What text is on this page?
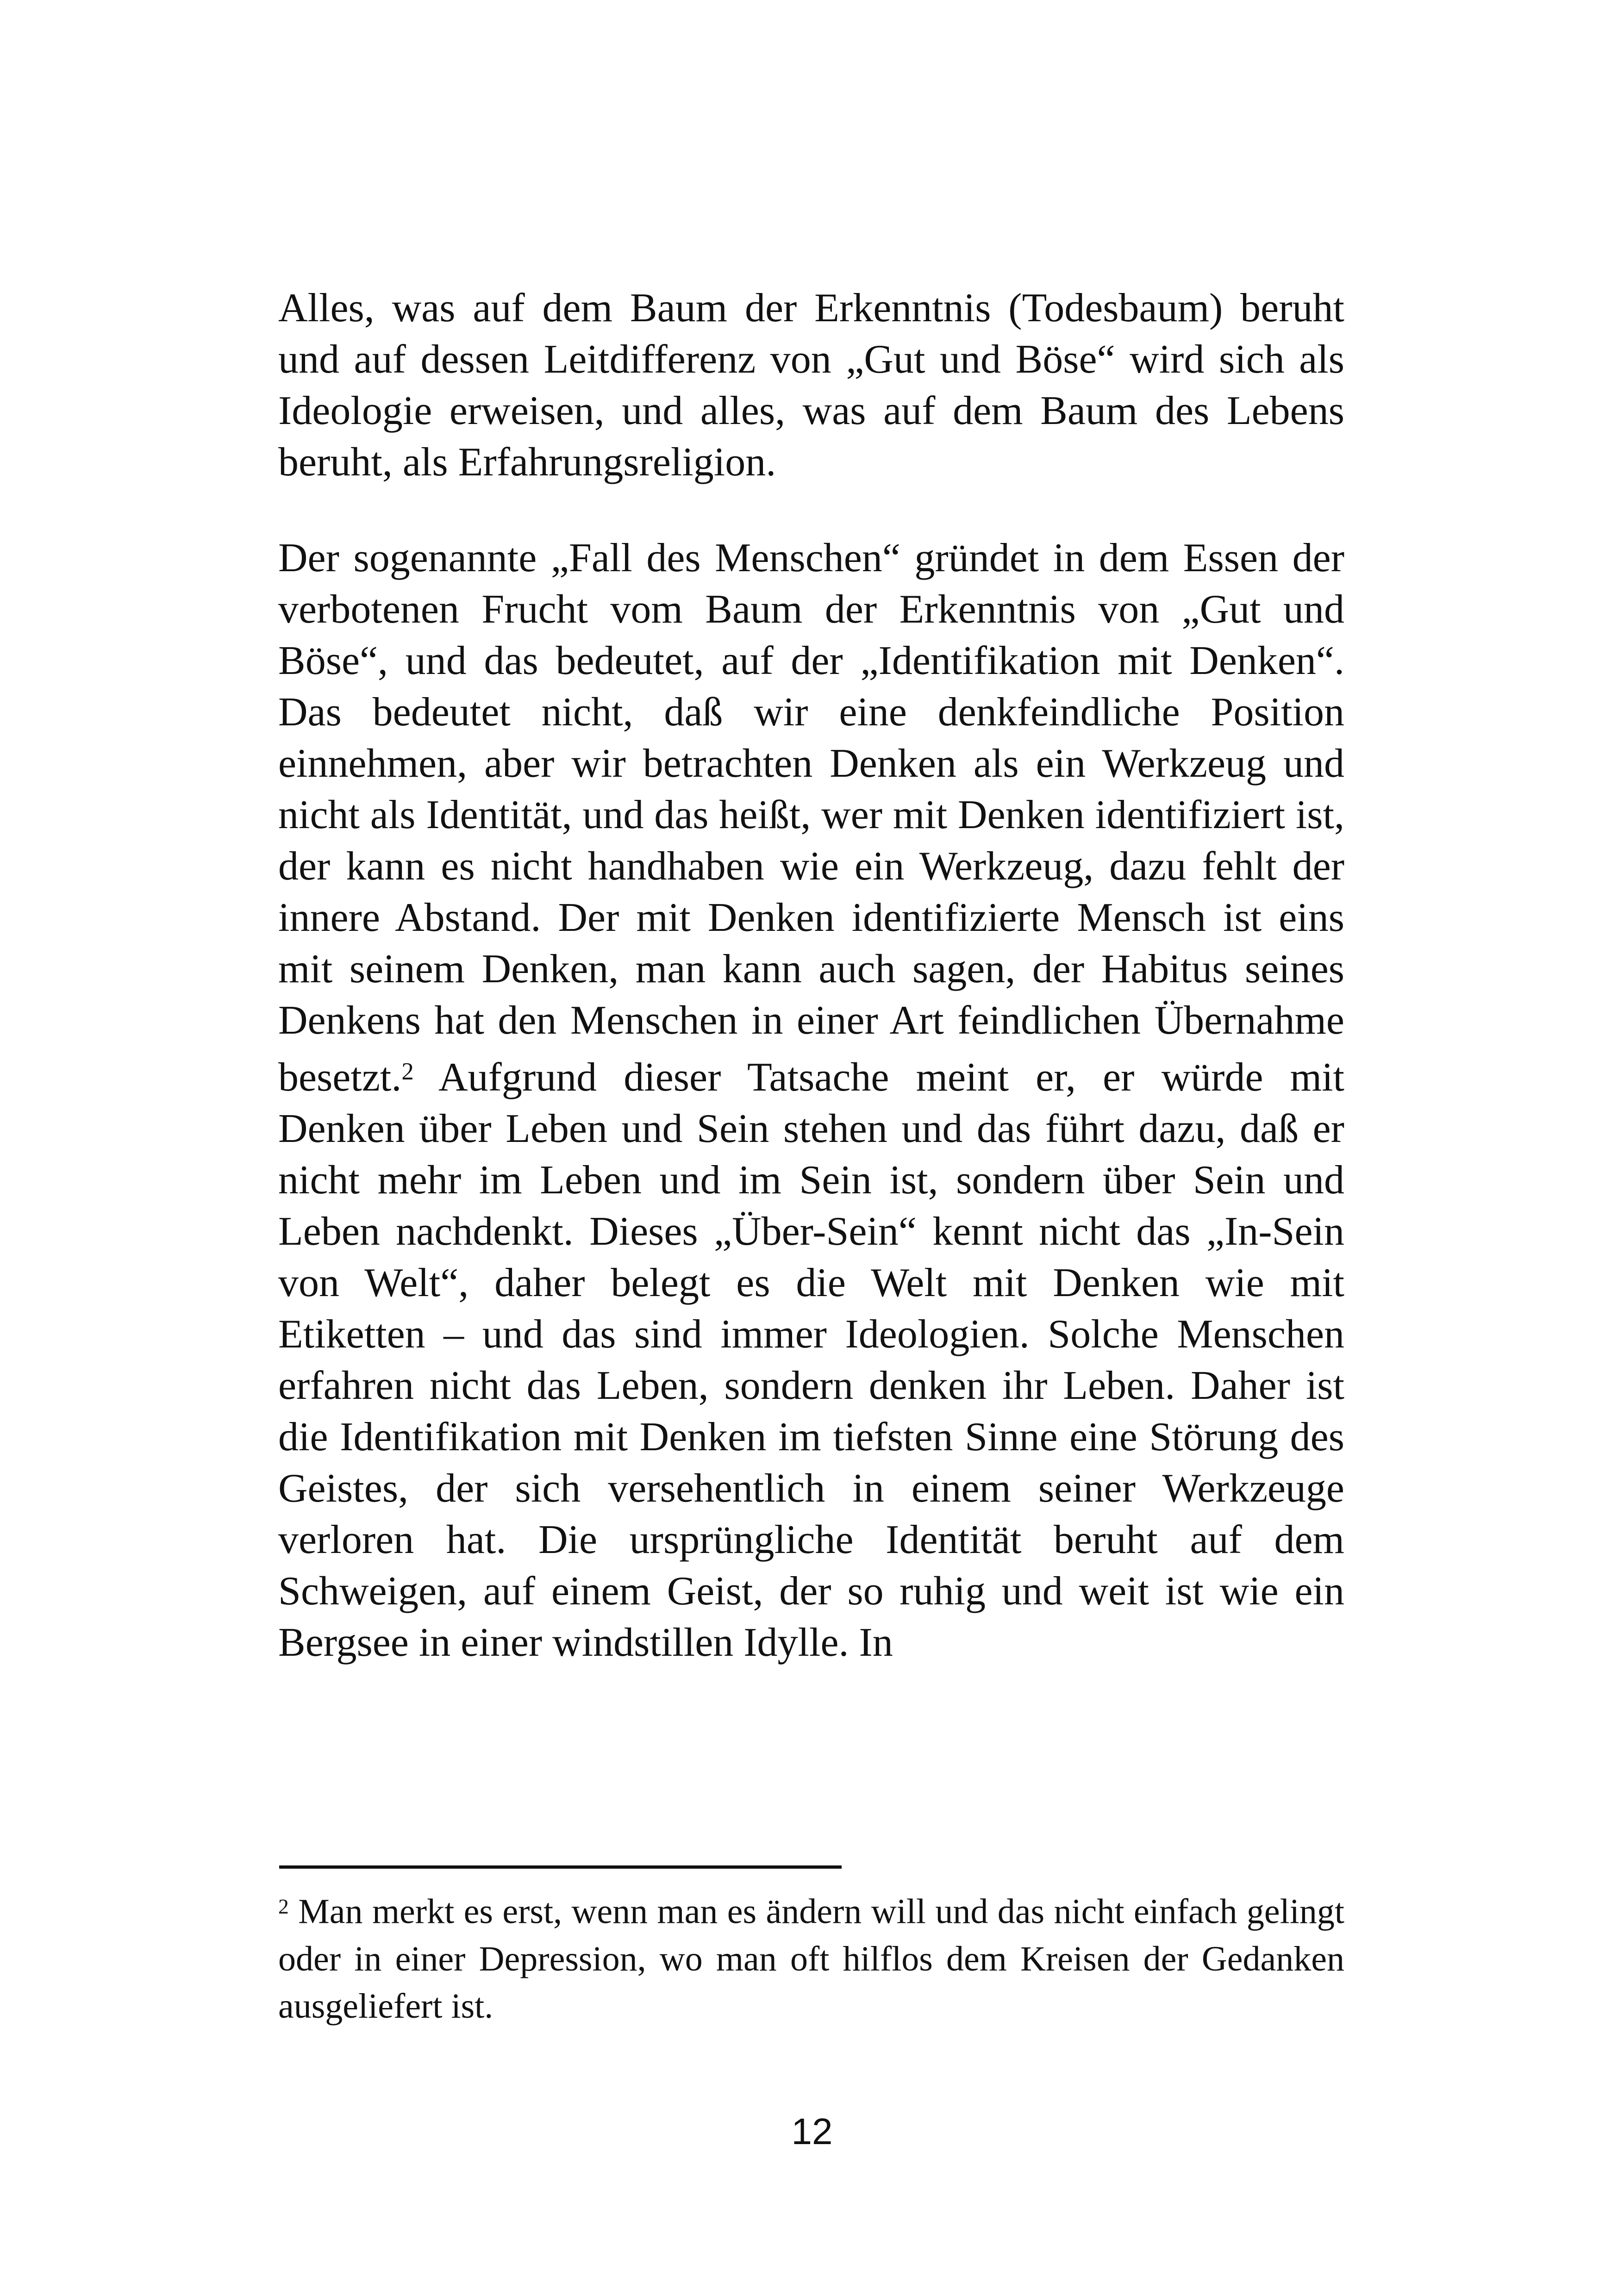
Alles, was auf dem Baum der Erkenntnis (Todesbaum) beruht und auf dessen Leitdifferenz von „Gut und Böse“ wird sich als Ideologie erweisen, und alles, was auf dem Baum des Lebens beruht, als Erfahrungsreligion.

Der sogenannte „Fall des Menschen“ gründet in dem Essen der verbotenen Frucht vom Baum der Erkenntnis von „Gut und Böse“, und das bedeutet, auf der „Identifikation mit Denken“. Das bedeutet nicht, daß wir eine denkfeindliche Position einnehmen, aber wir betrachten Denken als ein Werkzeug und nicht als Identität, und das heißt, wer mit Denken identifiziert ist, der kann es nicht handhaben wie ein Werkzeug, dazu fehlt der innere Abstand. Der mit Denken identifizierte Mensch ist eins mit seinem Denken, man kann auch sagen, der Habitus seines Denkens hat den Menschen in einer Art feindlichen Übernahme besetzt.$^2$ Aufgrund dieser Tatsache meint er, er würde mit Denken über Leben und Sein stehen und das führt dazu, daß er nicht mehr im Leben und im Sein ist, sondern über Sein und Leben nachdenkt. Dieses „Über-Sein“ kennt nicht das „In-Sein von Welt“, daher belegt es die Welt mit Denken wie mit Etiketten – und das sind immer Ideologien. Solche Menschen erfahren nicht das Leben, sondern denken ihr Leben. Daher ist die Identifikation mit Denken im tiefsten Sinne eine Störung des Geistes, der sich versehentlich in einem seiner Werkzeuge verloren hat. Die ursprüngliche Identität beruht auf dem Schweigen, auf einem Geist, der so ruhig und weit ist wie ein Bergsee in einer windstillen Idylle. In

$^2$ Man merkt es erst, wenn man es ändern will und das nicht einfach gelingt oder in einer Depression, wo man oft hilflos dem Kreisen der Gedanken ausgeliefert ist.

12
